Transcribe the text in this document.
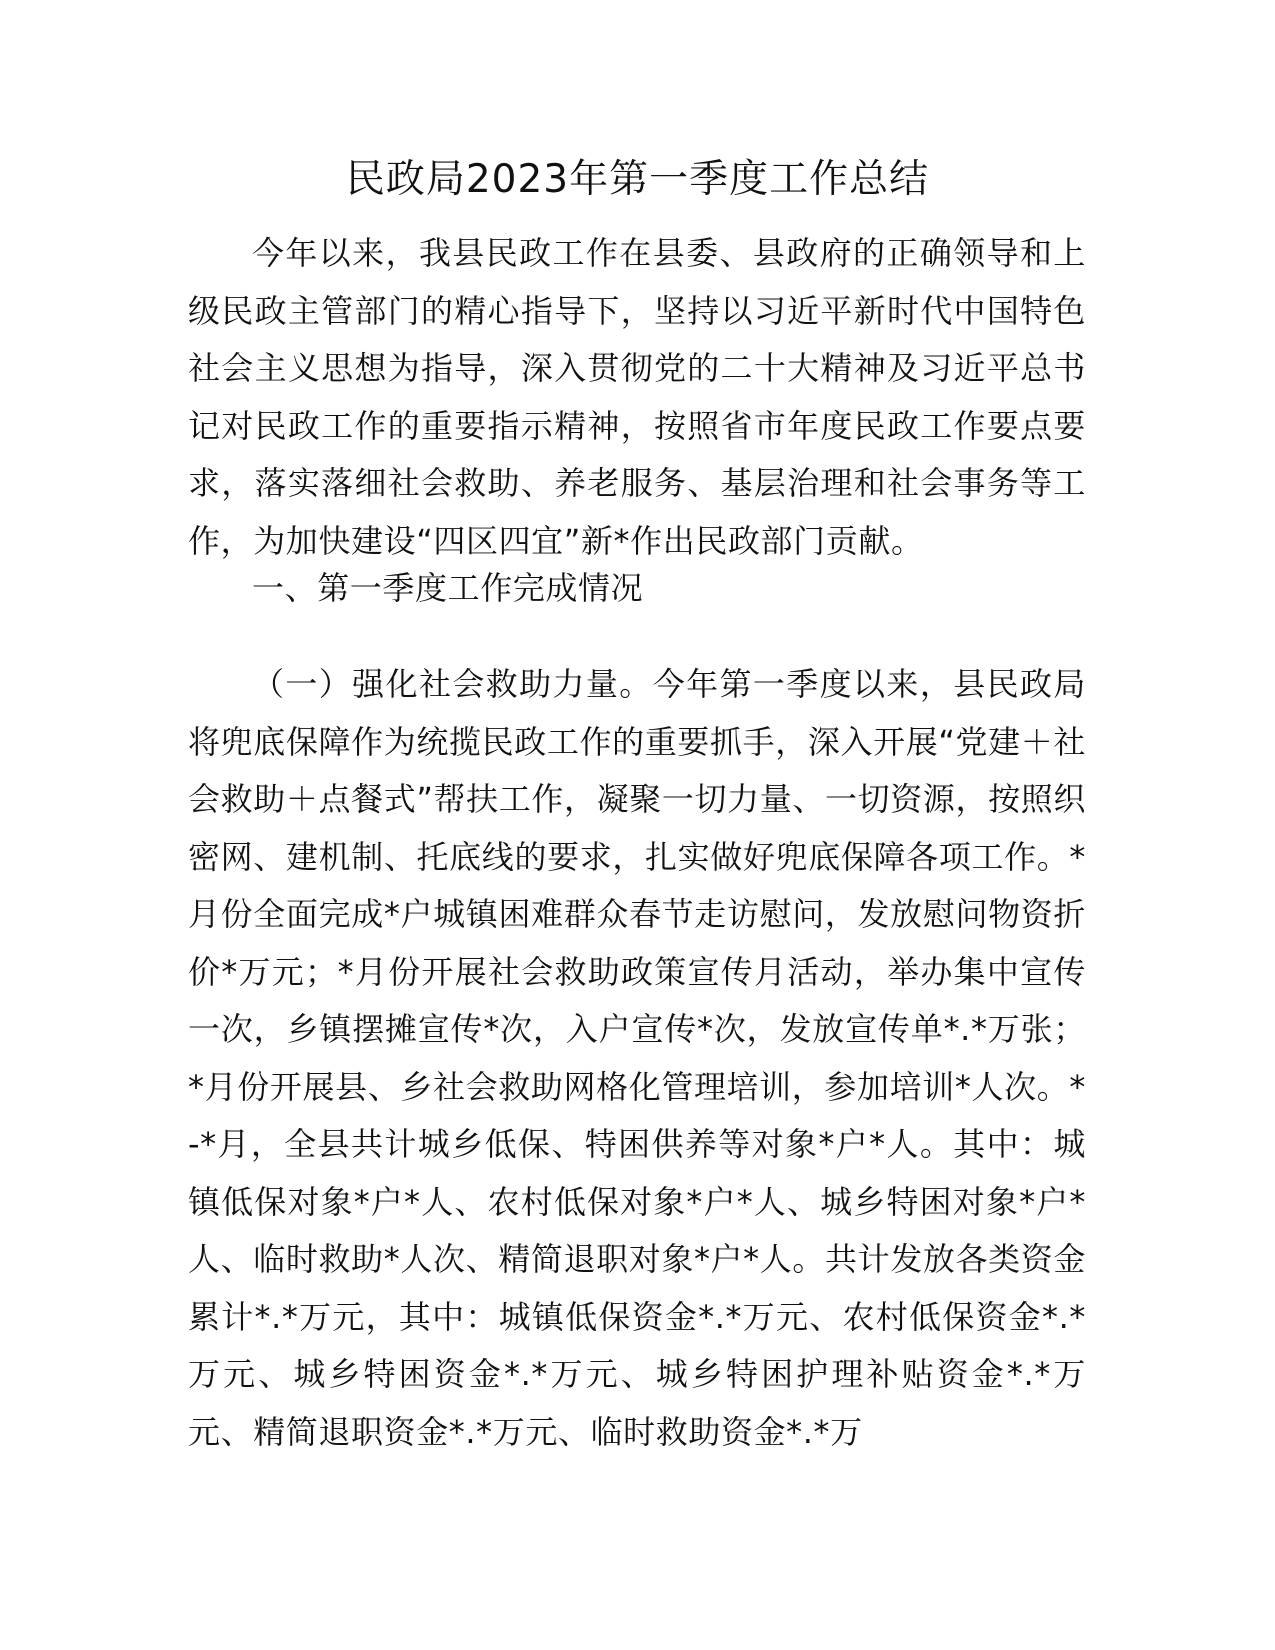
民政局2023年第一季度工作总结

今年以来，我县民政工作在县委、县政府的正确领导和上级民政主管部门的精心指导下，坚持以习近平新时代中国特色社会主义思想为指导，深入贯彻党的二十大精神及习近平总书记对民政工作的重要指示精神，按照省市年度民政工作要点要求，落实落细社会救助、养老服务、基层治理和社会事务等工作，为加快建设“四区四宜”新*作出民政部门贡献。

一、第一季度工作完成情况

（一）强化社会救助力量。今年第一季度以来，县民政局将兜底保障作为统揽民政工作的重要抓手，深入开展“党建＋社会救助＋点餐式”帮扶工作，凝聚一切力量、一切资源，按照织密网、建机制、托底线的要求，扎实做好兜底保障各项工作。*月份全面完成*户城镇困难群众春节走访慰问，发放慰问物资折价*万元；*月份开展社会救助政策宣传月活动，举办集中宣传一次，乡镇摆摊宣传*次，入户宣传*次，发放宣传单*.*万张；*月份开展县、乡社会救助网格化管理培训，参加培训*人次。*-*月，全县共计城乡低保、特困供养等对象*户*人。其中：城镇低保对象*户*人、农村低保对象*户*人、城乡特困对象*户*人、临时救助*人次、精简退职对象*户*人。共计发放各类资金累计*.*万元，其中：城镇低保资金*.*万元、农村低保资金*.*万元、城乡特困资金*.*万元、城乡特困护理补贴资金*.*万元、精简退职资金*.*万元、临时救助资金*.*万
